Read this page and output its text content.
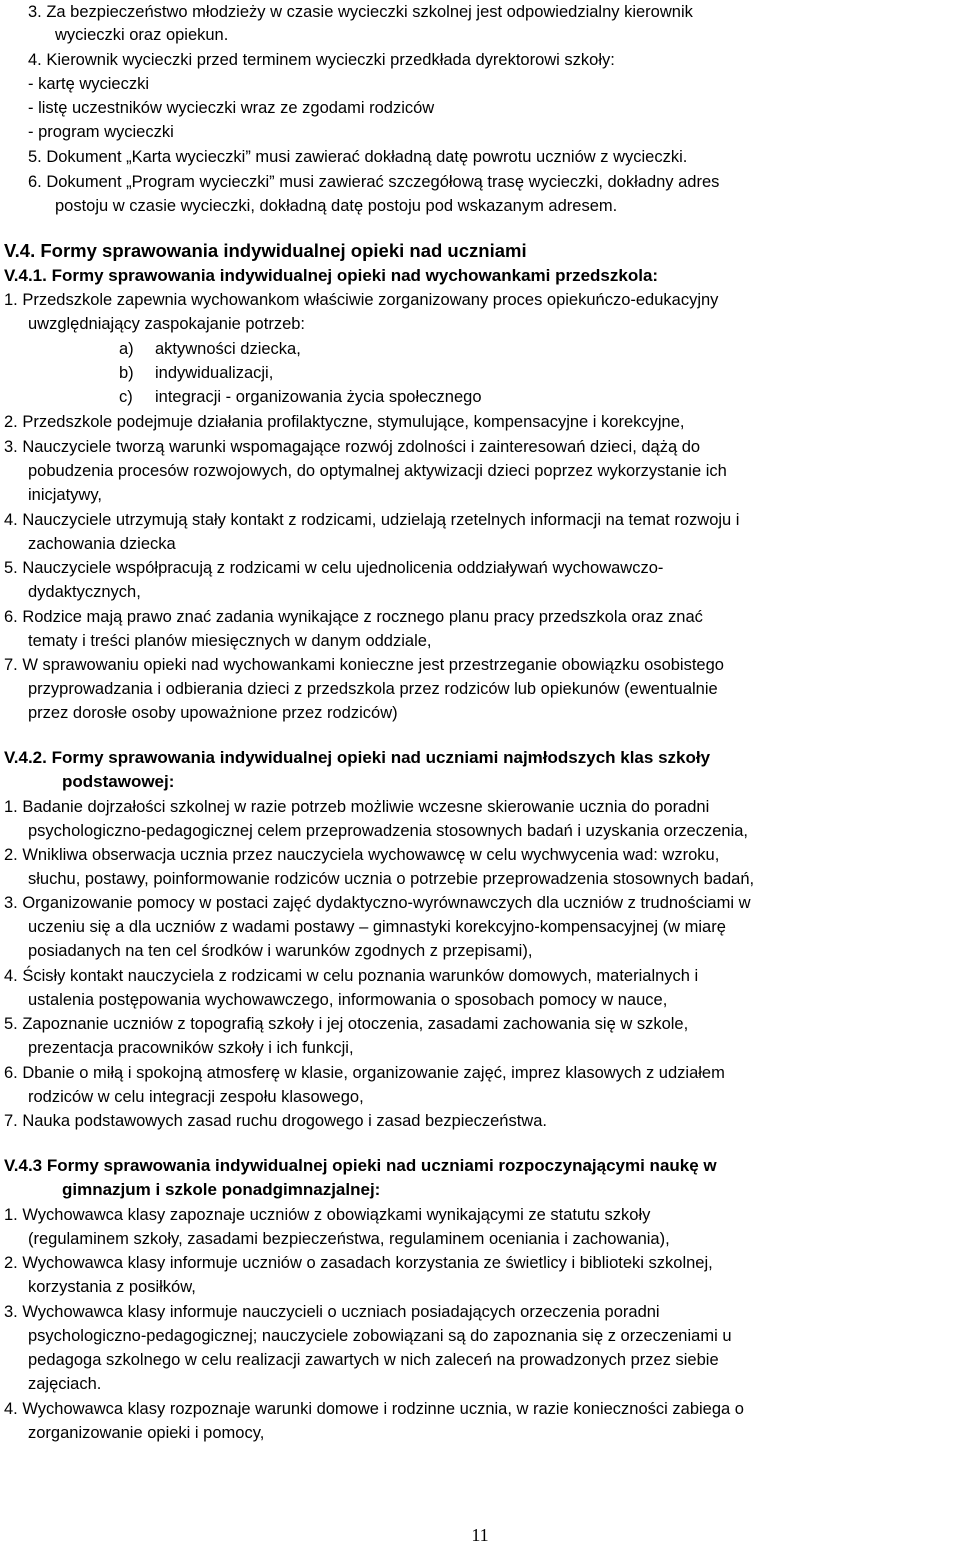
3. Za bezpieczeństwo młodzieży w czasie wycieczki szkolnej jest odpowiedzialny kierownik
wycieczki oraz opiekun.
4. Kierownik wycieczki przed terminem wycieczki przedkłada dyrektorowi szkoły:
- kartę wycieczki
- listę uczestników wycieczki wraz ze zgodami rodziców
- program wycieczki
5. Dokument „Karta wycieczki” musi zawierać dokładną datę powrotu uczniów z wycieczki.
6. Dokument „Program wycieczki” musi zawierać szczegółową trasę wycieczki, dokładny adres
postoju w czasie wycieczki, dokładną datę postoju pod wskazanym adresem.
V.4. Formy sprawowania indywidualnej opieki nad uczniami
V.4.1. Formy sprawowania indywidualnej opieki nad wychowankami przedszkola:
1. Przedszkole zapewnia wychowankom właściwie zorganizowany proces opiekuńczo-edukacyjny
uwzględniający zaspokajanie potrzeb:
a) aktywności dziecka,
b) indywidualizacji,
c) integracji - organizowania życia społecznego
2. Przedszkole podejmuje działania profilaktyczne, stymulujące, kompensacyjne i korekcyjne,
3. Nauczyciele tworzą warunki wspomagające rozwój zdolności i zainteresowań dzieci, dążą do
pobudzenia procesów rozwojowych, do optymalnej aktywizacji dzieci poprzez wykorzystanie ich
inicjatywy,
4. Nauczyciele utrzymują stały kontakt z rodzicami, udzielają rzetelnych informacji na temat rozwoju i
zachowania dziecka
5. Nauczyciele współpracują z rodzicami w celu ujednolicenia oddziaływań wychowawczo-
dydaktycznych,
6. Rodzice mają prawo znać zadania wynikające z rocznego planu pracy przedszkola oraz znać
tematy i treści planów miesięcznych w danym oddziale,
7. W sprawowaniu opieki nad wychowankami konieczne jest przestrzeganie obowiązku osobistego
przyprowadzania i odbierania dzieci z przedszkola przez rodziców lub opiekunów (ewentualnie
przez dorosłe osoby upoważnione przez rodziców)
V.4.2. Formy sprawowania indywidualnej opieki nad uczniami najmłodszych klas szkoły
podstawowej:
1. Badanie dojrzałości szkolnej w razie potrzeb możliwie wczesne skierowanie ucznia do poradni
psychologiczno-pedagogicznej celem przeprowadzenia stosownych badań i uzyskania orzeczenia,
2. Wnikliwa obserwacja ucznia przez nauczyciela wychowawcę w celu wychwycenia wad: wzroku,
słuchu, postawy, poinformowanie rodziców ucznia o potrzebie przeprowadzenia stosownych badań,
3. Organizowanie pomocy w postaci zajęć dydaktyczno-wyrównawczych dla uczniów z trudnościami w
uczeniu się a dla uczniów z wadami postawy – gimnastyki korekcyjno-kompensacyjnej (w miarę
posiadanych na ten cel środków i warunków zgodnych z przepisami),
4. Ścisły kontakt nauczyciela z rodzicami w celu poznania warunków domowych, materialnych i
ustalenia postępowania wychowawczego, informowania o sposobach pomocy w nauce,
5. Zapoznanie uczniów z topografią szkoły i jej otoczenia, zasadami zachowania się w szkole,
prezentacja pracowników szkoły i ich funkcji,
6. Dbanie o miłą i spokojną atmosferę w klasie, organizowanie zajęć, imprez klasowych z udziałem
rodziców w celu integracji zespołu klasowego,
7. Nauka podstawowych zasad ruchu drogowego i zasad bezpieczeństwa.
V.4.3 Formy sprawowania indywidualnej opieki nad uczniami rozpoczynającymi naukę w
gimnazjum i szkole ponadgimnazjalnej:
1. Wychowawca klasy zapoznaje uczniów z obowiązkami wynikającymi ze statutu szkoły
(regulaminem szkoły, zasadami bezpieczeństwa, regulaminem oceniania i zachowania),
2. Wychowawca klasy informuje uczniów o zasadach korzystania ze świetlicy i biblioteki szkolnej,
korzystania z posiłków,
3. Wychowawca klasy informuje nauczycieli o uczniach posiadających orzeczenia poradni
psychologiczno-pedagogicznej; nauczyciele zobowiązani są do zapoznania się z orzeczeniami u
pedagoga szkolnego w celu realizacji zawartych w nich zaleceń na prowadzonych przez siebie
zajęciach.
4. Wychowawca klasy rozpoznaje warunki domowe i rodzinne ucznia, w razie konieczności zabiega o
zorganizowanie opieki i pomocy,
11
